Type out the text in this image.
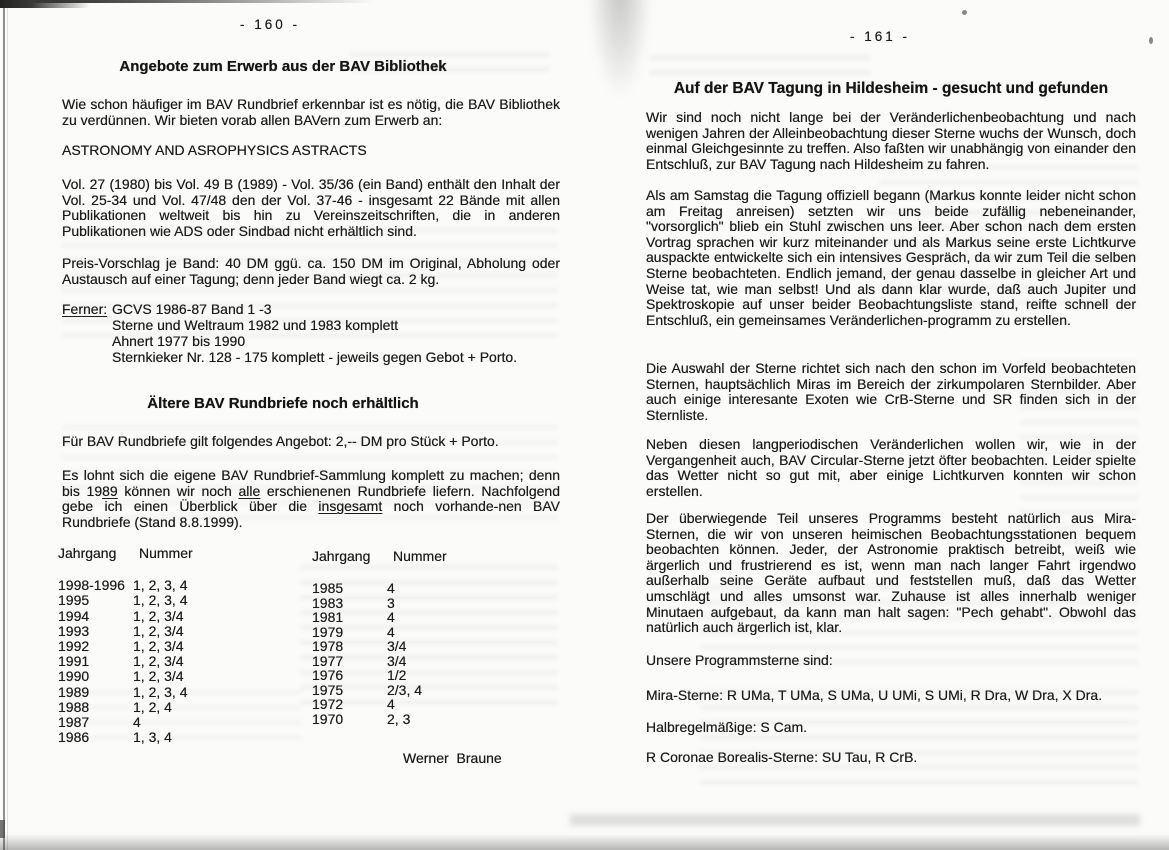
- 160 -
Angebote zum Erwerb aus der BAV Bibliothek

Wie schon häufiger im BAV Rundbrief erkennbar ist es nötig, die BAV Bibliothek zu verdünnen. Wir bieten vorab allen BAVern zum Erwerb an:

ASTRONOMY AND ASROPHYSICS ASTRACTS

Vol. 27 (1980) bis Vol. 49 B (1989) - Vol. 35/36 (ein Band) enthält den Inhalt der Vol. 25-34 und Vol. 47/48 den der Vol. 37-46 - insgesamt 22 Bände mit allen Publikationen weltweit bis hin zu Vereinszeitschriften, die in anderen Publikationen wie ADS oder Sindbad nicht erhältlich sind.

Preis-Vorschlag je Band: 40 DM ggü. ca. 150 DM im Original, Abholung oder Austausch auf einer Tagung; denn jeder Band wiegt ca. 2 kg.

Ferner: GCVS 1986-87 Band 1 -3
Sterne und Weltraum 1982 und 1983 komplett
Ahnert 1977 bis 1990
Sternkieker Nr. 128 - 175 komplett - jeweils gegen Gebot + Porto.
Ältere BAV Rundbriefe noch erhältlich

Für BAV Rundbriefe gilt folgendes Angebot: 2,-- DM pro Stück + Porto.

Es lohnt sich die eigene BAV Rundbrief-Sammlung komplett zu machen; denn bis 1989 können wir noch alle erschienenen Rundbriefe liefern. Nachfolgend gebe ich einen Überblick über die insgesamt noch vorhande-nen BAV Rundbriefe (Stand 8.8.1999).

Jahrgang	Nummer
1998-1996 1, 2, 3, 4
1995	1, 2, 3, 4
1994	1, 2, 3/4
1993	1, 2, 3/4
1992	1, 2, 3/4
1991	1, 2, 3/4
1990	1, 2, 3/4
1989	1, 2, 3, 4
1988	1, 2, 4
1987	4
1986	1, 3, 4
Jahrgang	Nummer
1985	4
1983	3
1981	4
1979	4
1978	3/4
1977	3/4
1976	1/2
1975	2/3, 4
1972	4
1970	2, 3
Werner Braune
- 161 -
Auf der BAV Tagung in Hildesheim - gesucht und gefunden

Wir sind noch nicht lange bei der Veränderlichenbeobachtung und nach wenigen Jahren der Alleinbeobachtung dieser Sterne wuchs der Wunsch, doch einmal Gleichgesinnte zu treffen. Also faßten wir unabhängig von einander den Entschluß, zur BAV Tagung nach Hildesheim zu fahren.

Als am Samstag die Tagung offiziell begann (Markus konnte leider nicht schon am Freitag anreisen) setzten wir uns beide zufällig nebeneinander, "vorsorglich" blieb ein Stuhl zwischen uns leer. Aber schon nach dem ersten Vortrag sprachen wir kurz miteinander und als Markus seine erste Lichtkurve auspackte entwickelte sich ein intensives Gespräch, da wir zum Teil die selben Sterne beobachteten. Endlich jemand, der genau dasselbe in gleicher Art und Weise tat, wie man selbst! Und als dann klar wurde, daß auch Jupiter und Spektroskopie auf unser beider Beobachtungsliste stand, reifte schnell der Entschluß, ein gemeinsames Veränderlichen-programm zu erstellen.

Die Auswahl der Sterne richtet sich nach den schon im Vorfeld beobachteten Sternen, hauptsächlich Miras im Bereich der zirkumpolaren Sternbilder. Aber auch einige interesante Exoten wie CrB-Sterne und SR finden sich in der Sternliste.

Neben diesen langperiodischen Veränderlichen wollen wir, wie in der Vergangenheit auch, BAV Circular-Sterne jetzt öfter beobachten. Leider spielte das Wetter nicht so gut mit, aber einige Lichtkurven konnten wir schon erstellen.

Der überwiegende Teil unseres Programms besteht natürlich aus Mira-Sternen, die wir von unseren heimischen Beobachtungsstationen bequem beobachten können. Jeder, der Astronomie praktisch betreibt, weiß wie ärgerlich und frustrierend es ist, wenn man nach langer Fahrt irgendwo außerhalb seine Geräte aufbaut und feststellen muß, daß das Wetter umschlägt und alles umsonst war. Zuhause ist alles innerhalb weniger Minutaen aufgebaut, da kann man halt sagen: "Pech gehabt". Obwohl das natürlich auch ärgerlich ist, klar.

Unsere Programmsterne sind:

Mira-Sterne: R UMa, T UMa, S UMa, U UMi, S UMi, R Dra, W Dra, X Dra.

Halbregelmäßige: S Cam.

R Coronae Borealis-Sterne: SU Tau, R CrB.
